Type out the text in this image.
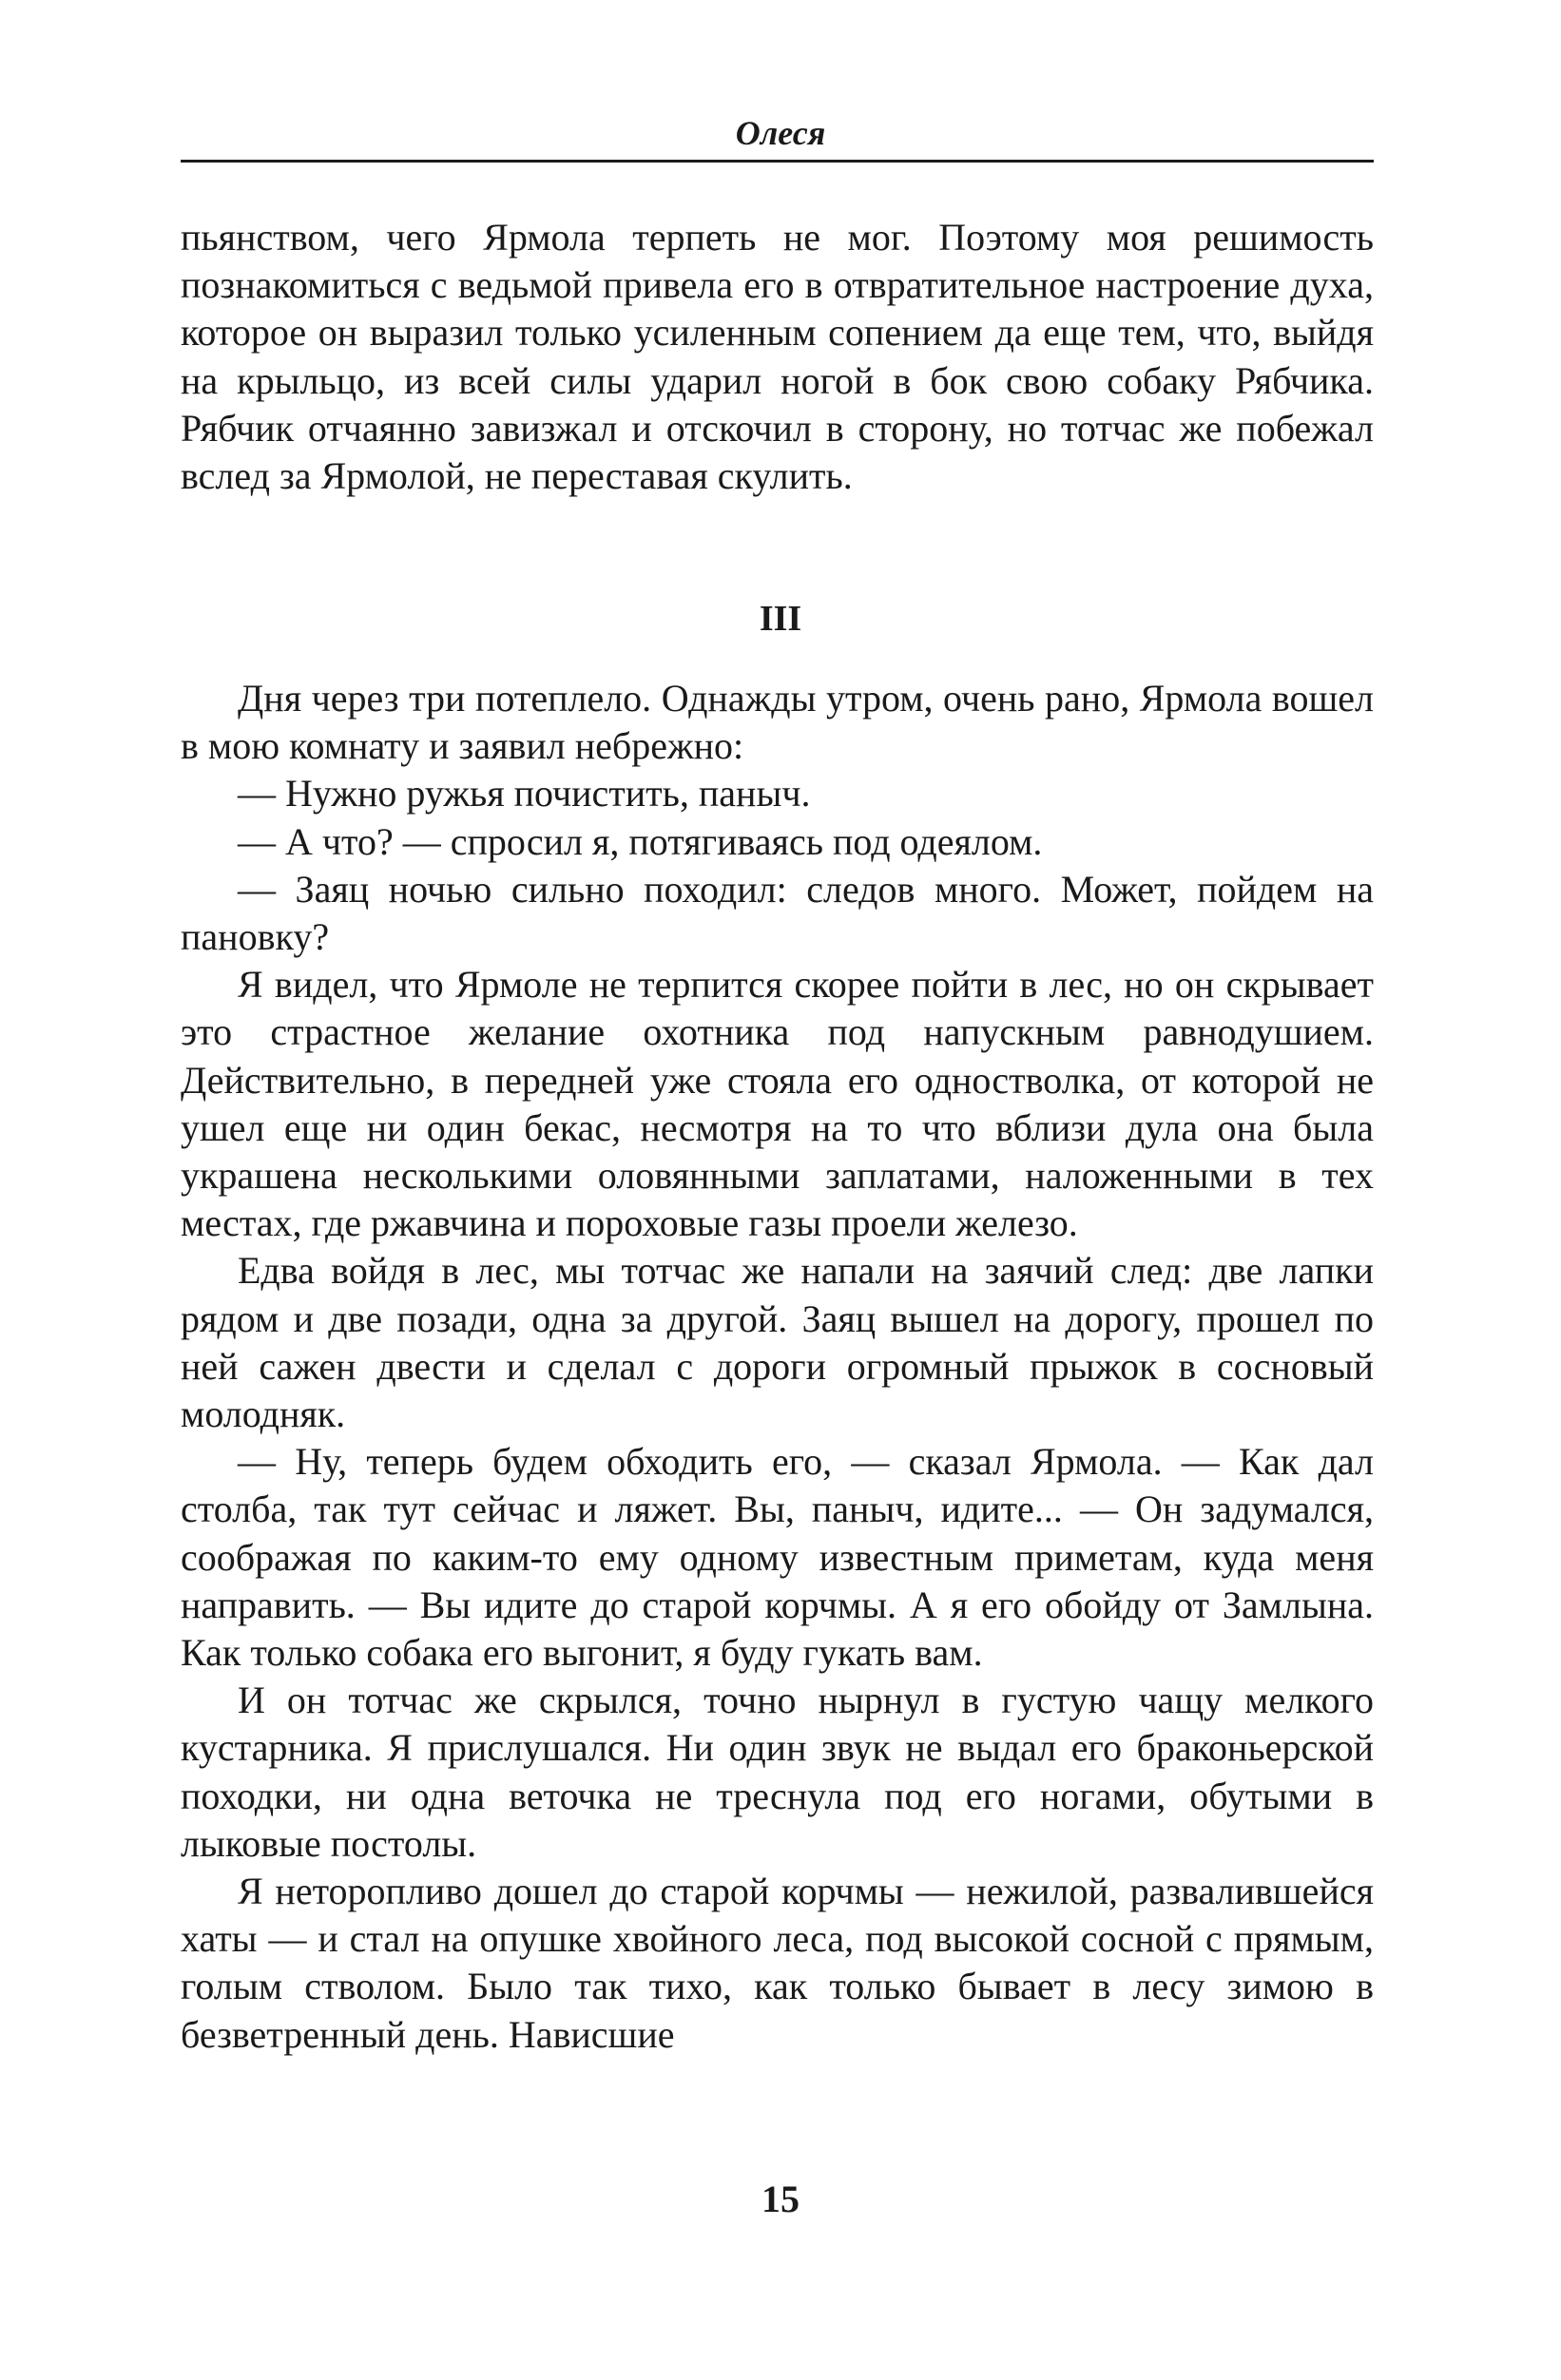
Олеся

пьянством, чего Ярмола терпеть не мог. Поэтому моя решимость познакомиться с ведьмой привела его в отвратительное настроение духа, которое он выразил только усиленным сопением да еще тем, что, выйдя на крыльцо, из всей силы ударил ногой в бок свою собаку Рябчика. Рябчик отчаянно завизжал и отскочил в сторону, но тотчас же побежал вслед за Ярмолой, не переставая скулить.

III

Дня через три потеплело. Однажды утром, очень рано, Ярмола вошел в мою комнату и заявил небрежно:

— Нужно ружья почистить, паныч.

— А что? — спросил я, потягиваясь под одеялом.

— Заяц ночью сильно походил: следов много. Может, пойдем на пановку?

Я видел, что Ярмоле не терпится скорее пойти в лес, но он скрывает это страстное желание охотника под напускным равнодушием. Действительно, в передней уже стояла его одностволка, от которой не ушел еще ни один бекас, несмотря на то что вблизи дула она была украшена несколькими оловянными заплатами, наложенными в тех местах, где ржавчина и пороховые газы проели железо.

Едва войдя в лес, мы тотчас же напали на заячий след: две лапки рядом и две позади, одна за другой. Заяц вышел на дорогу, прошел по ней сажен двести и сделал с дороги огромный прыжок в сосновый молодняк.

— Ну, теперь будем обходить его, — сказал Ярмола. — Как дал столба, так тут сейчас и ляжет. Вы, паныч, идите... — Он задумался, соображая по каким-то ему одному известным приметам, куда меня направить. — Вы идите до старой корчмы. А я его обойду от Замлына. Как только собака его выгонит, я буду гукать вам.

И он тотчас же скрылся, точно нырнул в густую чащу мелкого кустарника. Я прислушался. Ни один звук не выдал его браконьерской походки, ни одна веточка не треснула под его ногами, обутыми в лыковые постолы.

Я неторопливо дошел до старой корчмы — нежилой, развалившейся хаты — и стал на опушке хвойного леса, под высокой сосной с прямым, голым стволом. Было так тихо, как только бывает в лесу зимою в безветренный день. Нависшие

15
